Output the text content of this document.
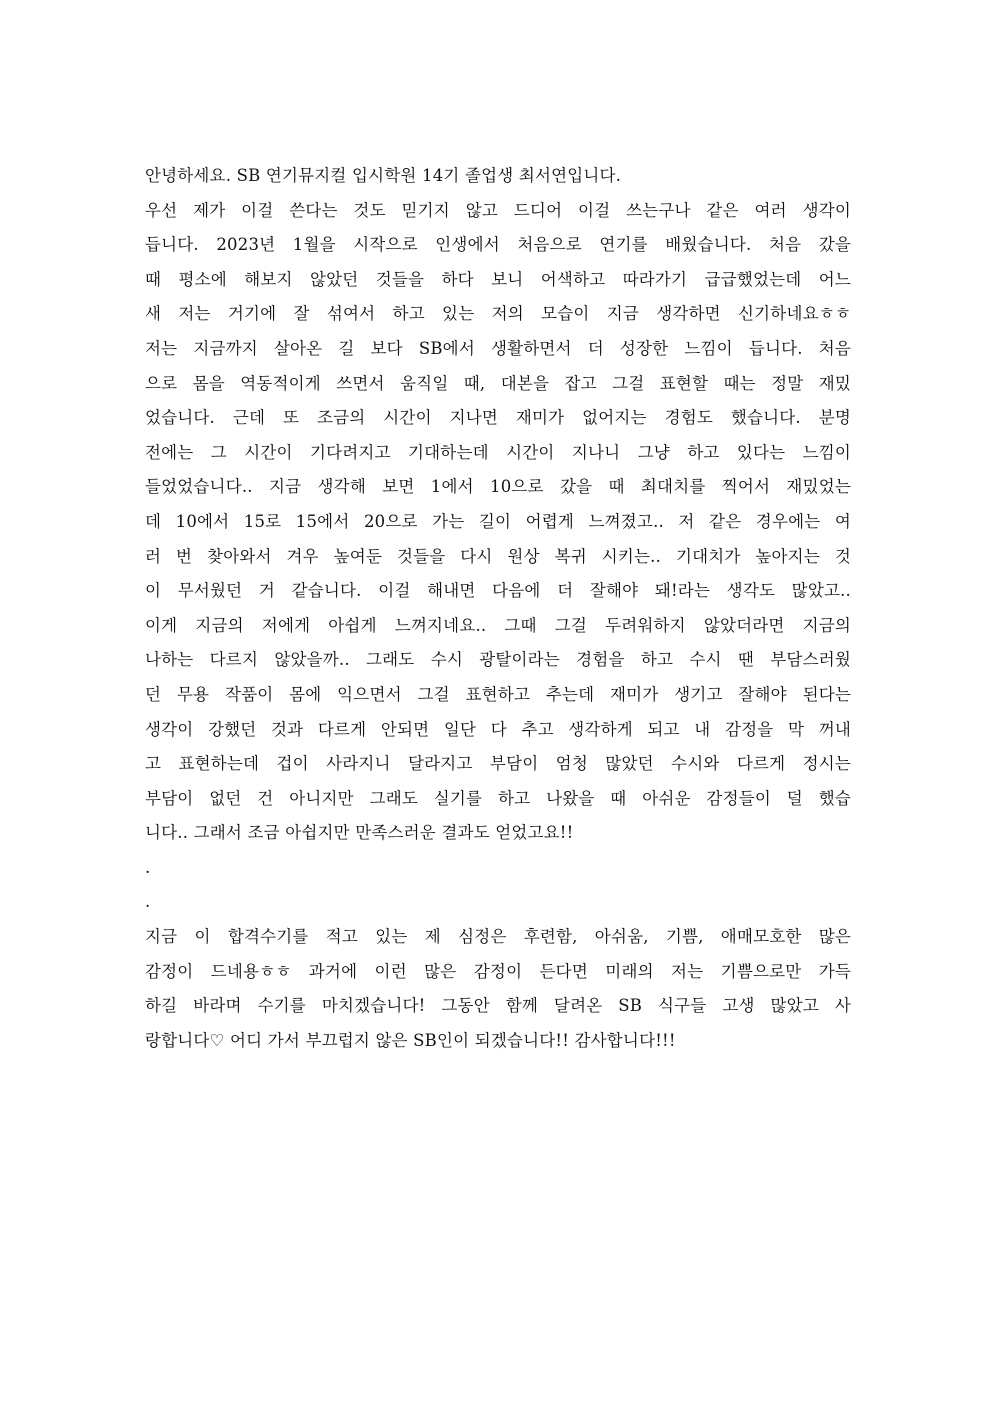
안녕하세요. SB 연기뮤지컬 입시학원 14기 졸업생 최서연입니다.
우선 제가 이걸 쓴다는 것도 믿기지 않고 드디어 이걸 쓰는구나 같은 여러 생각이
듭니다. 2023년 1월을 시작으로 인생에서 처음으로 연기를 배웠습니다. 처음 갔을
때 평소에 해보지 않았던 것들을 하다 보니 어색하고 따라가기 급급했었는데 어느
새 저는 거기에 잘 섞여서 하고 있는 저의 모습이 지금 생각하면 신기하네요ㅎㅎ
저는 지금까지 살아온 길 보다 SB에서 생활하면서 더 성장한 느낌이 듭니다. 처음
으로 몸을 역동적이게 쓰면서 움직일 때, 대본을 잡고 그걸 표현할 때는 정말 재밌
었습니다. 근데 또 조금의 시간이 지나면 재미가 없어지는 경험도 했습니다. 분명
전에는 그 시간이 기다려지고 기대하는데 시간이 지나니 그냥 하고 있다는 느낌이
들었었습니다.. 지금 생각해 보면 1에서 10으로 갔을 때 최대치를 찍어서 재밌었는
데 10에서 15로 15에서 20으로 가는 길이 어렵게 느껴졌고.. 저 같은 경우에는 여
러 번 찾아와서 겨우 높여둔 것들을 다시 원상 복귀 시키는.. 기대치가 높아지는 것
이 무서웠던 거 같습니다. 이걸 해내면 다음에 더 잘해야 돼!라는 생각도 많았고..
이게 지금의 저에게 아쉽게 느껴지네요.. 그때 그걸 두려워하지 않았더라면 지금의
나하는 다르지 않았을까.. 그래도 수시 광탈이라는 경험을 하고 수시 땐 부담스러웠
던 무용 작품이 몸에 익으면서 그걸 표현하고 추는데 재미가 생기고 잘해야 된다는
생각이 강했던 것과 다르게 안되면 일단 다 추고 생각하게 되고 내 감정을 막 꺼내
고 표현하는데 겁이 사라지니 달라지고 부담이 엄청 많았던 수시와 다르게 정시는
부담이 없던 건 아니지만 그래도 실기를 하고 나왔을 때 아쉬운 감정들이 덜 했습
니다.. 그래서 조금 아쉽지만 만족스러운 결과도 얻었고요!!
.
.
지금 이 합격수기를 적고 있는 제 심정은 후련함, 아쉬움, 기쁨, 애매모호한 많은
감정이 드네용ㅎㅎ 과거에 이런 많은 감정이 든다면 미래의 저는 기쁨으로만 가득
하길 바라며 수기를 마치겠습니다! 그동안 함께 달려온 SB 식구들 고생 많았고 사
랑합니다♡ 어디 가서 부끄럽지 않은 SB인이 되겠습니다!! 감사합니다!!!
